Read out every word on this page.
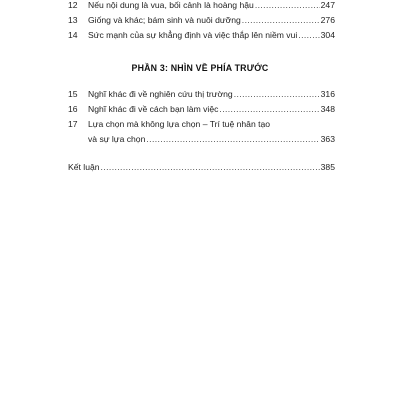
12 Nếu nội dung là vua, bối cảnh là hoàng hậu .....	247
13 Giống và khác; bám sinh và nuôi dưỡng .....	276
14 Sức mạnh của sự khẳng định và việc thắp lên niềm vui .....	304
PHẦN 3: NHÌN VỀ PHÍA TRƯỚC
15 Nghĩ khác đi về nghiên cứu thị trường .....	316
16 Nghĩ khác đi về cách bạn làm việc .....	348
17 Lựa chọn mà không lựa chọn – Trí tuệ nhân tạo
và sự lựa chọn .....	363
Kết luận .....	385
